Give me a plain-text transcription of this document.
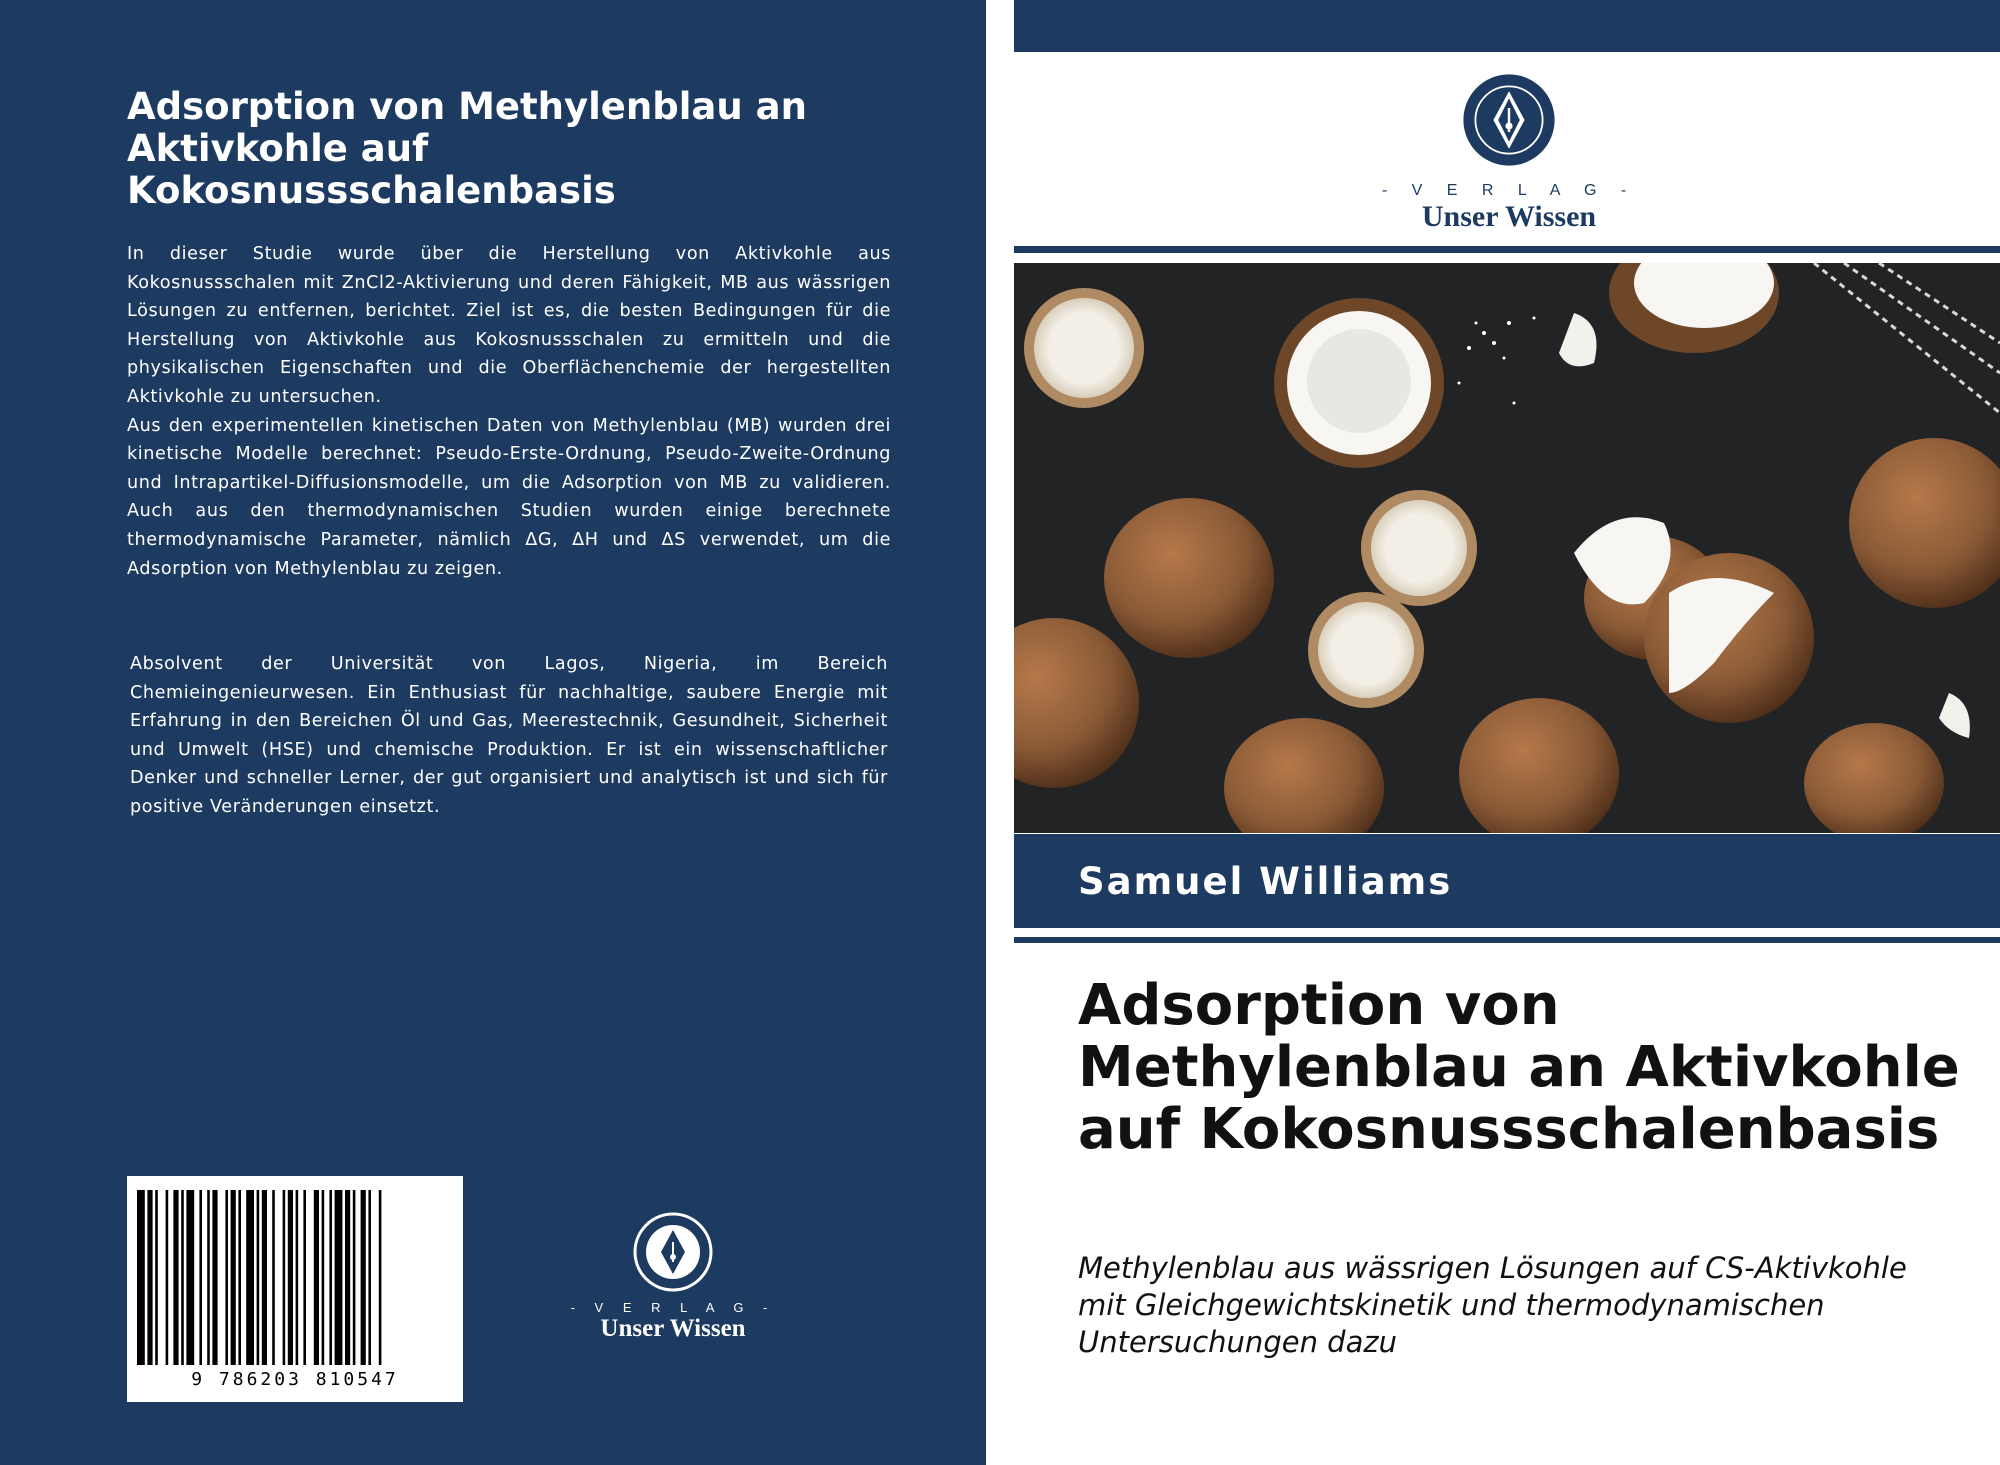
Adsorption von Methylenblau an Aktivkohle auf Kokosnussschalenbasis

In dieser Studie wurde über die Herstellung von Aktivkohle aus Kokosnussschalen mit ZnCl2-Aktivierung und deren Fähigkeit, MB aus wässrigen Lösungen zu entfernen, berichtet. Ziel ist es, die besten Bedingungen für die Herstellung von Aktivkohle aus Kokosnussschalen zu ermitteln und die physikalischen Eigenschaften und die Oberflächenchemie der hergestellten Aktivkohle zu untersuchen.

Aus den experimentellen kinetischen Daten von Methylenblau (MB) wurden drei kinetische Modelle berechnet: Pseudo-Erste-Ordnung, Pseudo-Zweite-Ordnung und Intrapartikel-Diffusionsmodelle, um die Adsorption von MB zu validieren. Auch aus den thermodynamischen Studien wurden einige berechnete thermodynamische Parameter, nämlich ΔG, ΔH und ΔS verwendet, um die Adsorption von Methylenblau zu zeigen.

Absolvent der Universität von Lagos, Nigeria, im Bereich Chemieingenieurwesen. Ein Enthusiast für nachhaltige, saubere Energie mit Erfahrung in den Bereichen Öl und Gas, Meerestechnik, Gesundheit, Sicherheit und Umwelt (HSE) und chemische Produktion. Er ist ein wissenschaftlicher Denker und schneller Lerner, der gut organisiert und analytisch ist und sich für positive Veränderungen einsetzt.

9 786203 810547
- V E R L A G -
Unser Wissen
- V E R L A G -
Unser Wissen
Samuel Williams
Adsorption von Methylenblau an Aktivkohle auf Kokosnussschalenbasis

Methylenblau aus wässrigen Lösungen auf CS-Aktivkohle mit Gleichgewichtskinetik und thermodynamischen Untersuchungen dazu
